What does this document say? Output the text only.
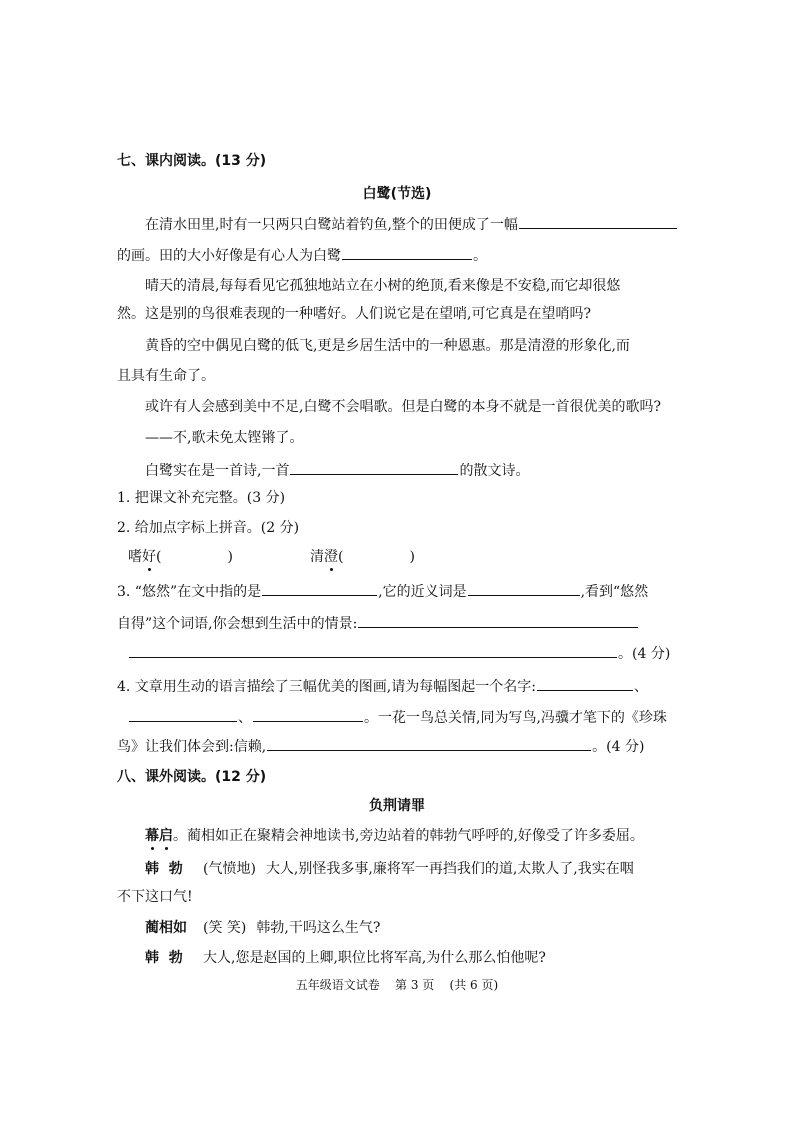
七、课内阅读。(13 分)
白鹭(节选)
在清水田里,时有一只两只白鹭站着钓鱼,整个的田便成了一幅
的画。田的大小好像是有心人为白鹭	。
晴天的清晨,每每看见它孤独地站立在小树的绝顶,看来像是不安稳,而它却很悠
然。这是别的鸟很难表现的一种嗜好。人们说它是在望哨,可它真是在望哨吗?
黄昏的空中偶见白鹭的低飞,更是乡居生活中的一种恩惠。那是清澄的形象化,而
且具有生命了。
或许有人会感到美中不足,白鹭不会唱歌。但是白鹭的本身不就是一首很优美的歌吗?
——不,歌未免太铿锵了。
白鹭实在是一首诗,一首	的散文诗。
1. 把课文补充完整。(3 分)
2. 给加点字标上拼音。(2 分)
嗜好(	)	清澄(	)
3. “悠然”在文中指的是	,它的近义词是	,看到“悠然
自得”这个词语,你会想到生活中的情景:
。(4 分)
4. 文章用生动的语言描绘了三幅优美的图画,请为每幅图起一个名字:	、
、	。一花一鸟总关情,同为写鸟,冯骥才笔下的《珍珠
鸟》让我们体会到:信赖,	。(4 分)
八、课外阅读。(12 分)
负荆请罪
幕启。蔺相如正在聚精会神地读书,旁边站着的韩勃气呼呼的,好像受了许多委屈。
韩  勃 (气愤地) 大人,别怪我多事,廉将军一再挡我们的道,太欺人了,我实在咽
不下这口气!
蔺相如 (笑 笑) 韩勃,干吗这么生气?
韩  勃 大人,您是赵国的上卿,职位比将军高,为什么那么怕他呢?
五年级语文试卷    第 3 页    (共 6 页)
